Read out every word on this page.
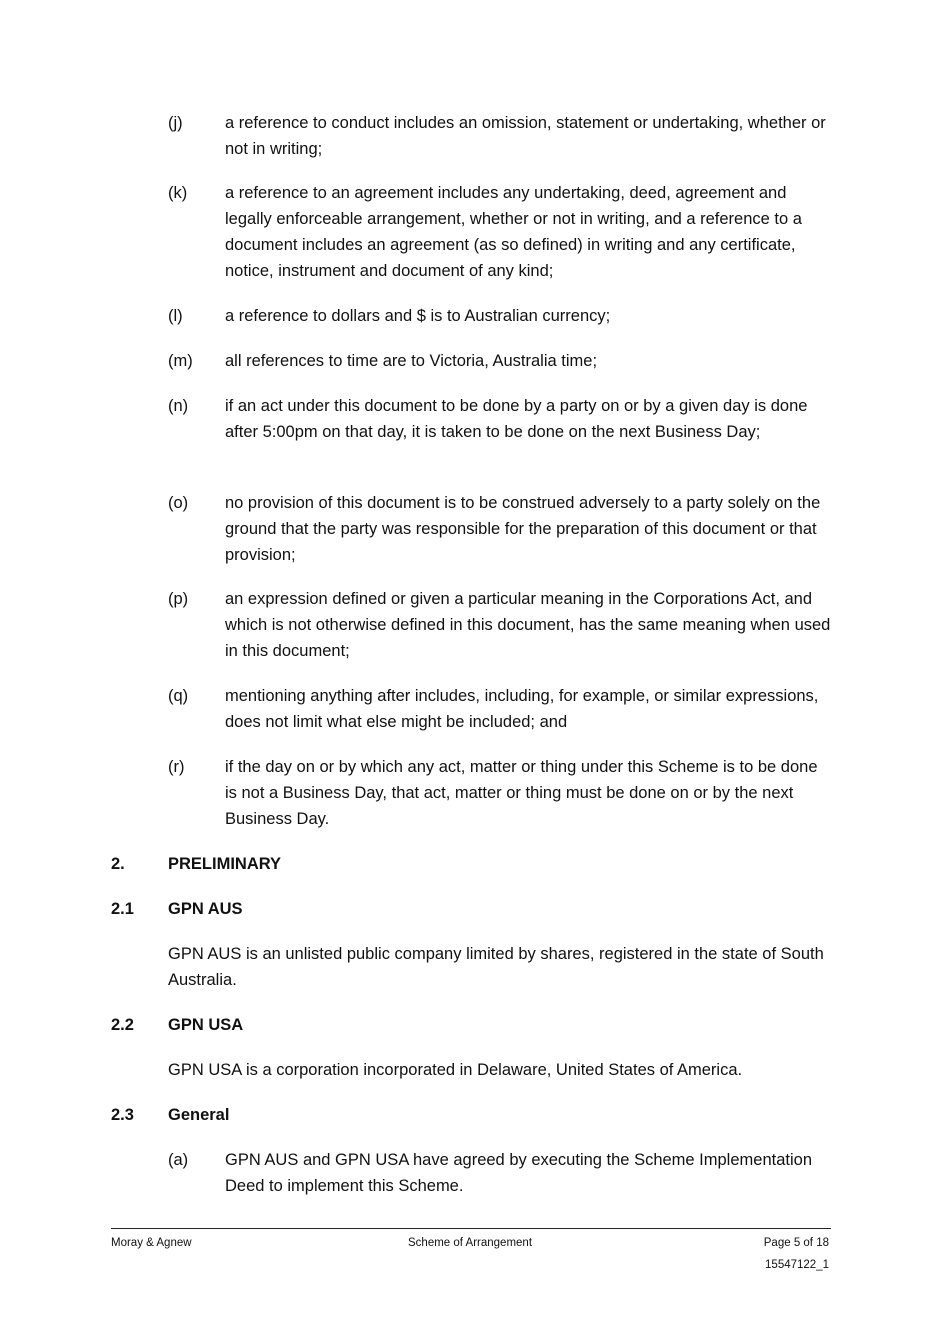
(j)	a reference to conduct includes an omission, statement or undertaking, whether or not in writing;
(k)	a reference to an agreement includes any undertaking, deed, agreement and legally enforceable arrangement, whether or not in writing, and a reference to a document includes an agreement (as so defined) in writing and any certificate, notice, instrument and document of any kind;
(l)	a reference to dollars and $ is to Australian currency;
(m)	all references to time are to Victoria, Australia time;
(n)	if an act under this document to be done by a party on or by a given day is done after 5:00pm on that day, it is taken to be done on the next Business Day;
(o)	no provision of this document is to be construed adversely to a party solely on the ground that the party was responsible for the preparation of this document or that provision;
(p)	an expression defined or given a particular meaning in the Corporations Act, and which is not otherwise defined in this document, has the same meaning when used in this document;
(q)	mentioning anything after includes, including, for example, or similar expressions, does not limit what else might be included; and
(r)	if the day on or by which any act, matter or thing under this Scheme is to be done is not a Business Day, that act, matter or thing must be done on or by the next Business Day.
2.	PRELIMINARY
2.1	GPN AUS
GPN AUS is an unlisted public company limited by shares, registered in the state of South Australia.
2.2	GPN USA
GPN USA is a corporation incorporated in Delaware, United States of America.
2.3	General
(a)	GPN AUS and GPN USA have agreed by executing the Scheme Implementation Deed to implement this Scheme.
Moray & Agnew	Scheme of Arrangement	Page 5 of 18
15547122_1
